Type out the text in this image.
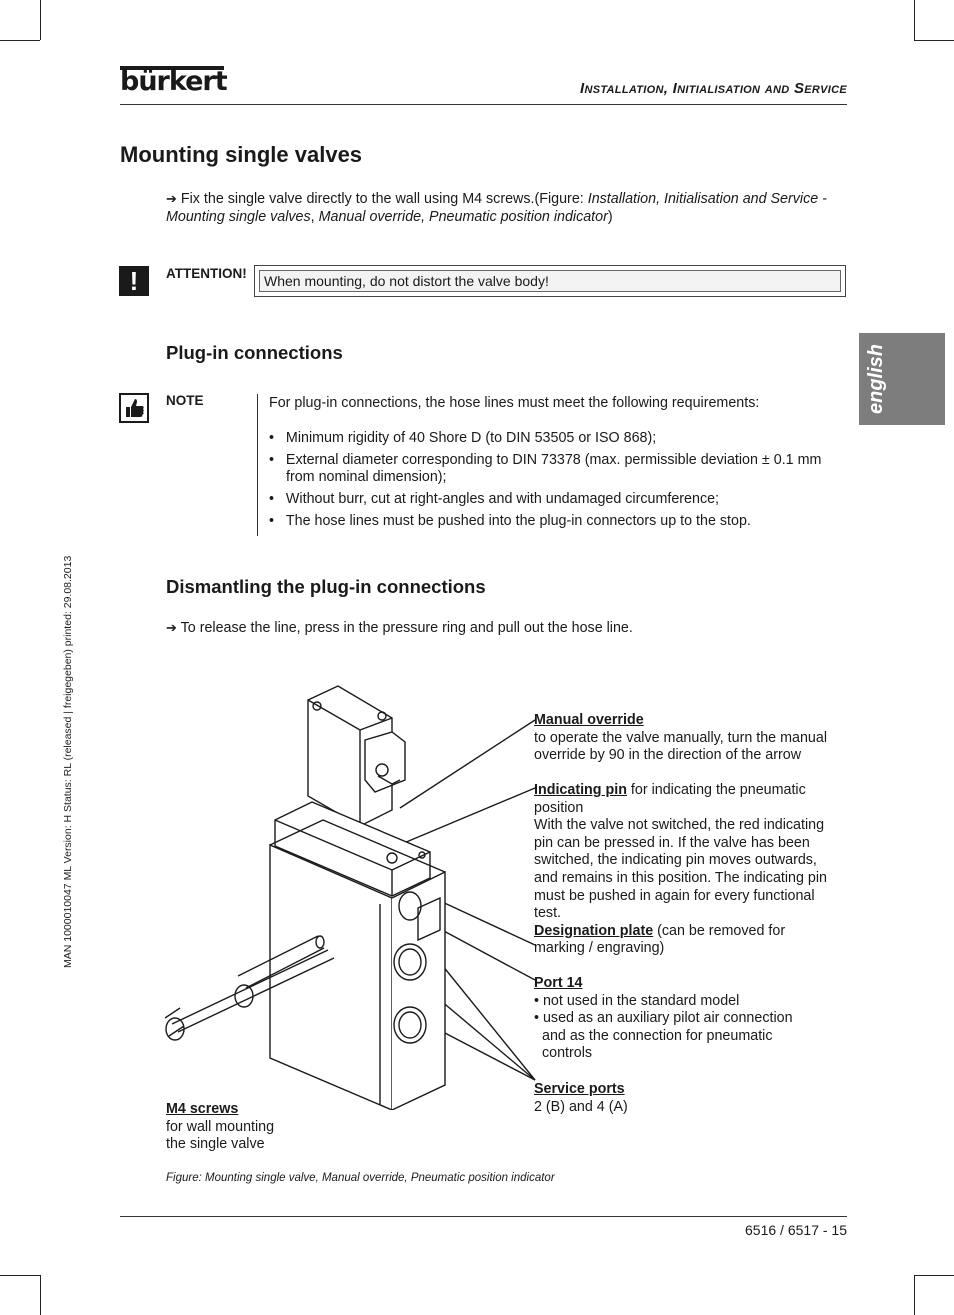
bürkert	Installation, Initialisation and Service
english
MAN 1000010047 ML Version: H Status: RL (released | freigegeben) printed: 29.08.2013
Mounting single valves
➔ Fix the single valve directly to the wall using M4 screws.(Figure: Installation, Initialisation and Service - Mounting single valves, Manual override, Pneumatic position indicator)
!	ATTENTION!	When mounting, do not distort the valve body!
Plug-in connections
NOTE	For plug-in connections, the hose lines must meet the following requirements:
•   Minimum rigidity of 40 Shore D (to DIN 53505 or ISO 868);
•   External diameter corresponding to DIN 73378 (max. permissible deviation ± 0.1 mm
from nominal dimension);
•   Without burr, cut at right-angles and with undamaged circumference;
•   The hose lines must be pushed into the plug-in connectors up to the stop.
Dismantling the plug-in connections
➔ To release the line, press in the pressure ring and pull out the hose line.
Manual override
to operate the valve manually, turn the manual
override by 90 in the direction of the arrow
Indicating pin for indicating the pneumatic
position
With the valve not switched, the red indicating
pin can be pressed in. If the valve has been
switched, the indicating pin moves outwards,
and remains in this position. The indicating pin
must be pushed in again for every functional
test.
Designation plate (can be removed for
marking / engraving)
Port 14
• not used in the standard model
• used as an auxiliary pilot air connection
and as the connection for pneumatic
controls
Service ports
2 (B) and 4 (A)
M4 screws
for wall mounting
the single valve
Figure: Mounting single valve, Manual override, Pneumatic position indicator
6516 / 6517 - 15
